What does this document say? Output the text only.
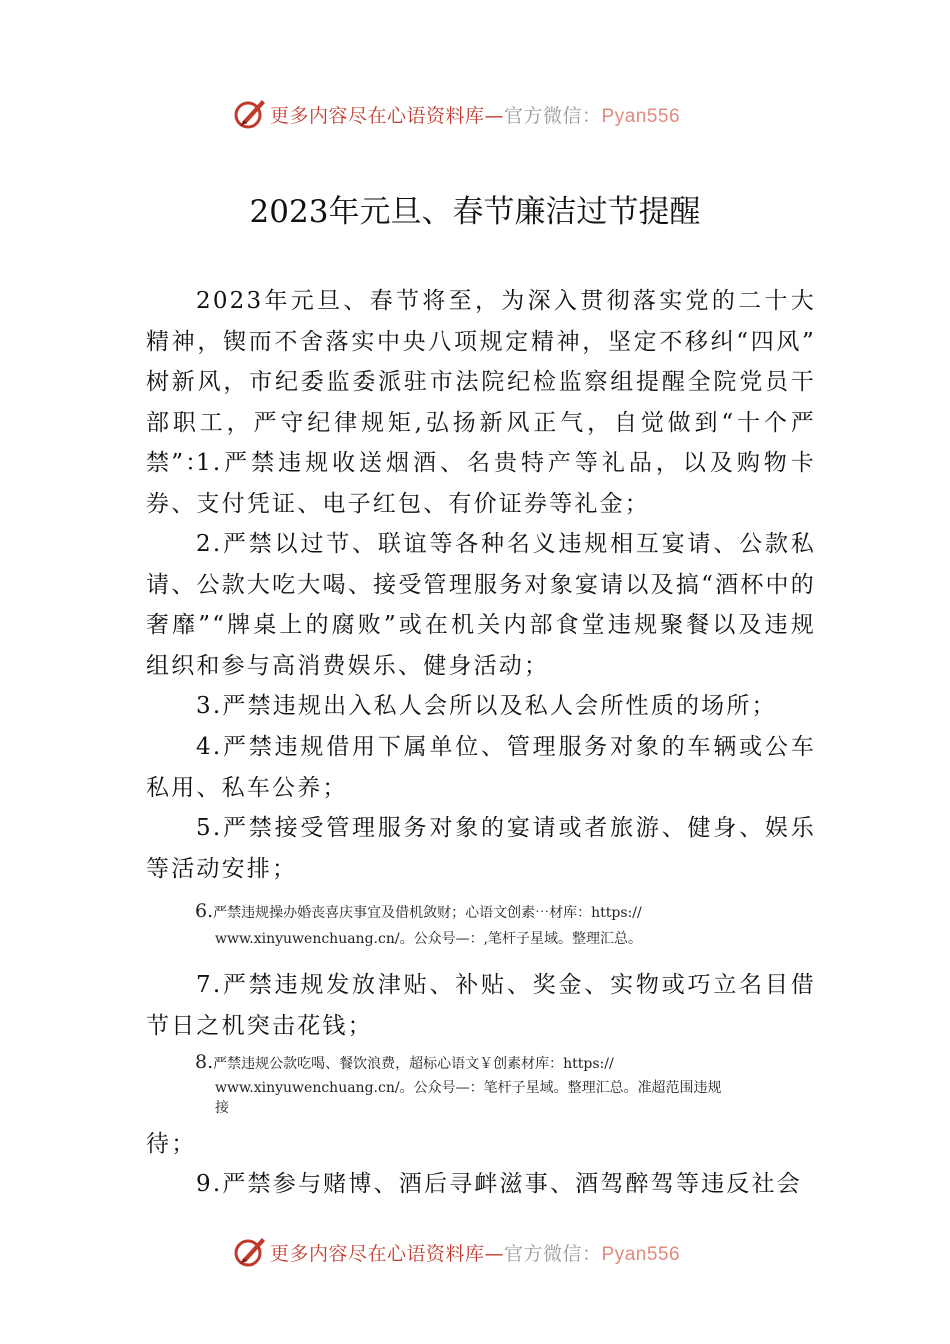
更多内容尽在心语资料库—官方微信：Pyan556
2023年元旦、春节廉洁过节提醒
2023年元旦、春节将至，为深入贯彻落实党的二十大精神，锲而不舍落实中央八项规定精神，坚定不移纠“四风” 树新风，市纪委监委派驻市法院纪检监察组提醒全院党员干部职工，严守纪律规矩,弘扬新风正气，自觉做到“十个严禁”：
1.严禁违规收送烟酒、名贵特产等礼品，以及购物卡券、支付凭证、电子红包、有价证券等礼金；
2.严禁以过节、联谊等各种名义违规相互宴请、公款私请、公款大吃大喝、接受管理服务对象宴请以及搞“酒杯中的奢靡”“牌桌上的腐败”或在机关内部食堂违规聚餐以及违规组织和参与高消费娱乐、健身活动；
3.严禁违规出入私人会所以及私人会所性质的场所；
4.严禁违规借用下属单位、管理服务对象的车辆或公车私用、私车公养；
5.严禁接受管理服务对象的宴请或者旅游、健身、娱乐等活动安排；
6.严禁违规操办婚丧喜庆事宜及借机敛财；心语文创素⋯材库：https://
www.xinyuwenchuang.cn/。公众号—：,笔杆子星域。整理汇总。
7.严禁违规发放津贴、补贴、奖金、实物或巧立名目借节日之机突击花钱；
8.严禁违规公款吃喝、餐饮浪费，超标心语文￥创素材库：https://
www.xinyuwenchuang.cn/。公众号—：笔杆子星域。整理汇总。准超范围违规
接
待；
9.严禁参与赌博、酒后寻衅滋事、酒驾醉驾等违反社会
更多内容尽在心语资料库—官方微信：Pyan556
